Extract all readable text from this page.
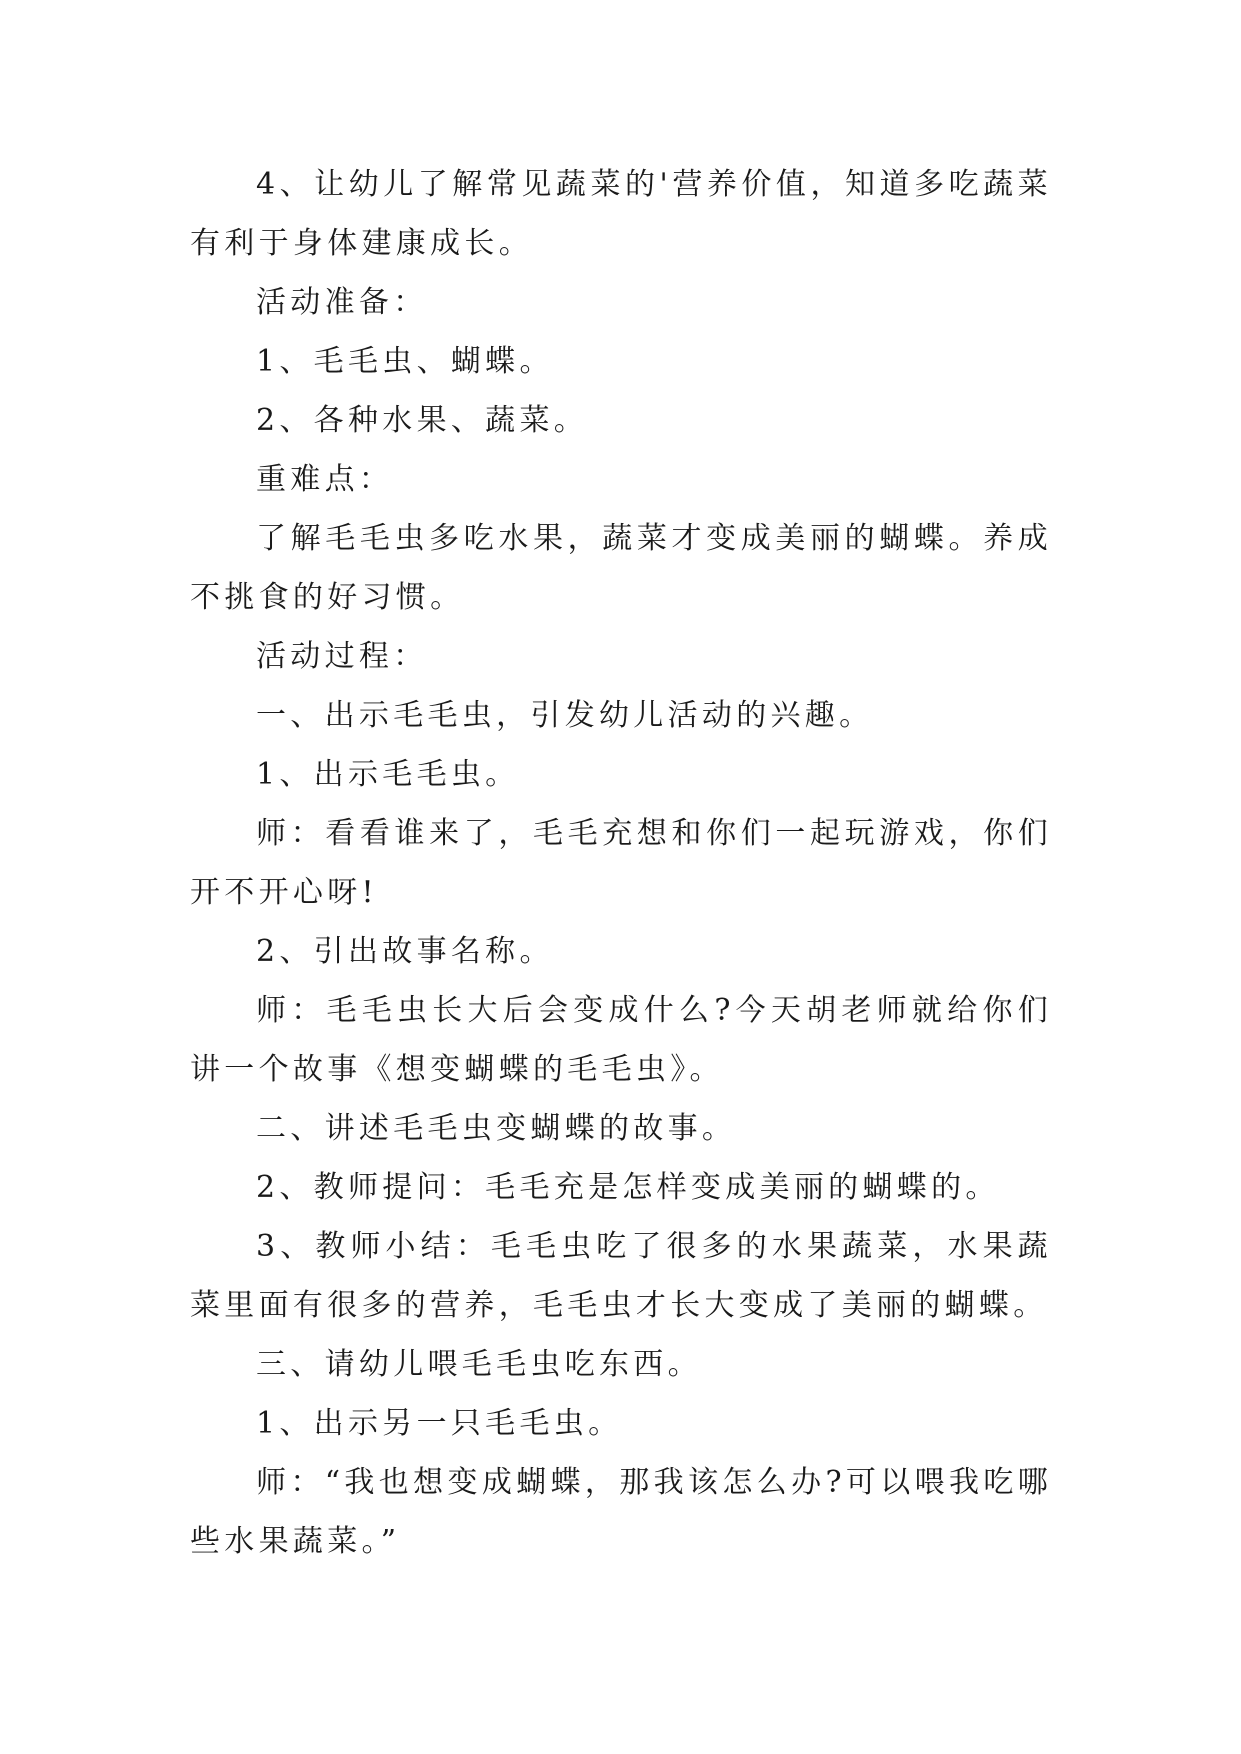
4、让幼儿了解常见蔬菜的'营养价值，知道多吃蔬菜有利于身体建康成长。

活动准备：

1、毛毛虫、蝴蝶。

2、各种水果、蔬菜。

重难点：

了解毛毛虫多吃水果，蔬菜才变成美丽的蝴蝶。养成不挑食的好习惯。

活动过程：

一、出示毛毛虫，引发幼儿活动的兴趣。

1、出示毛毛虫。

师：看看谁来了，毛毛充想和你们一起玩游戏，你们开不开心呀!

2、引出故事名称。

师：毛毛虫长大后会变成什么?今天胡老师就给你们讲一个故事《想变蝴蝶的毛毛虫》。

二、讲述毛毛虫变蝴蝶的故事。

2、教师提问：毛毛充是怎样变成美丽的蝴蝶的。

3、教师小结：毛毛虫吃了很多的水果蔬菜，水果蔬菜里面有很多的营养，毛毛虫才长大变成了美丽的蝴蝶。

三、请幼儿喂毛毛虫吃东西。

1、出示另一只毛毛虫。

师：“我也想变成蝴蝶，那我该怎么办?可以喂我吃哪些水果蔬菜。”
